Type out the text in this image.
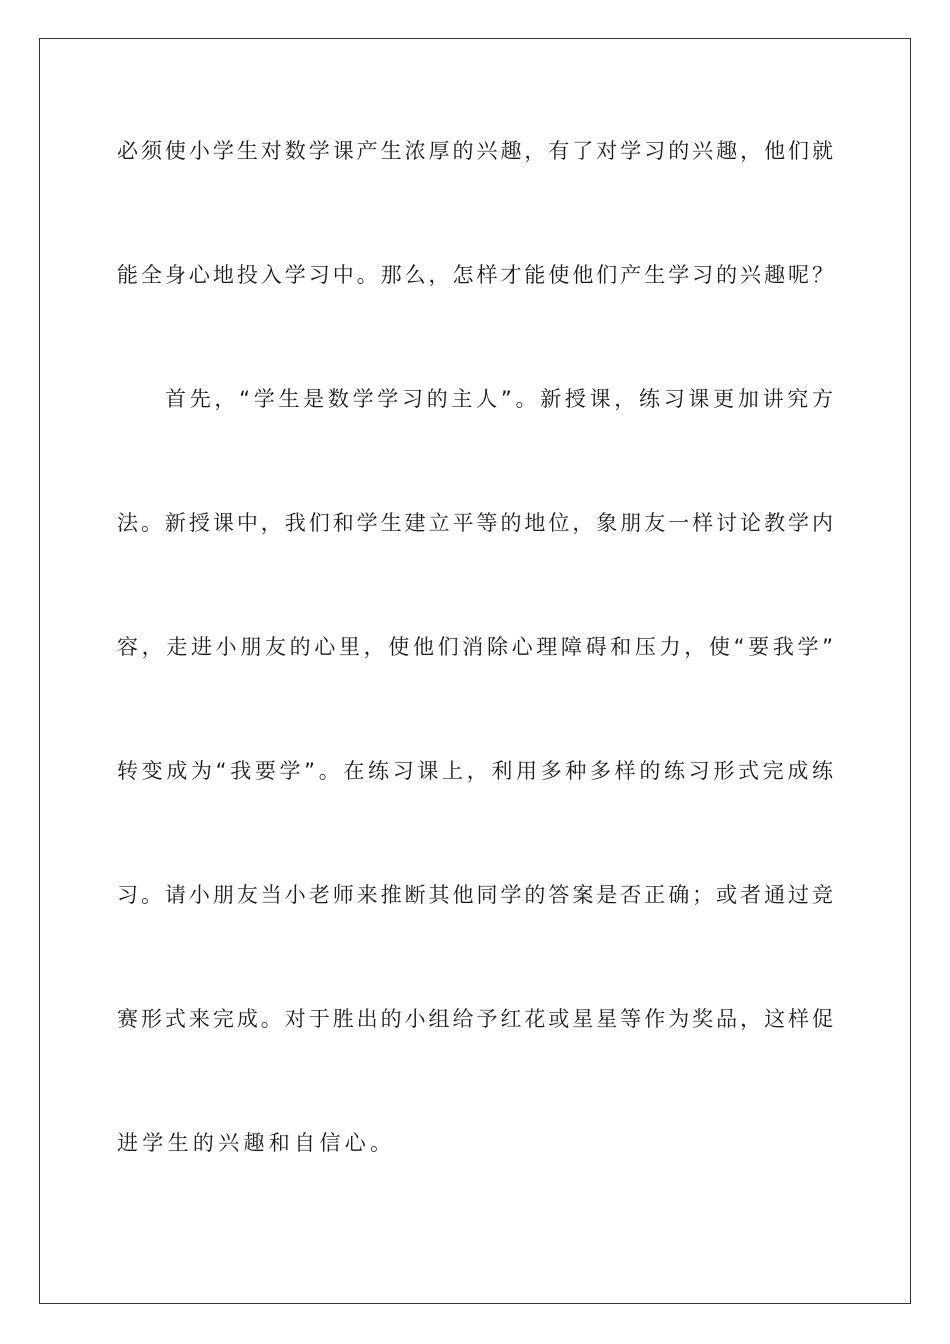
必须使小学生对数学课产生浓厚的兴趣，有了对学习的兴趣，他们就

能全身心地投入学习中。那么，怎样才能使他们产生学习的兴趣呢？

首先，“学生是数学学习的主人”。新授课，练习课更加讲究方

法。新授课中，我们和学生建立平等的地位，象朋友一样讨论教学内

容，走进小朋友的心里，使他们消除心理障碍和压力，使“要我学”

转变成为“我要学”。在练习课上，利用多种多样的练习形式完成练

习。请小朋友当小老师来推断其他同学的答案是否正确；或者通过竞

赛形式来完成。对于胜出的小组给予红花或星星等作为奖品，这样促

进学生的兴趣和自信心。
